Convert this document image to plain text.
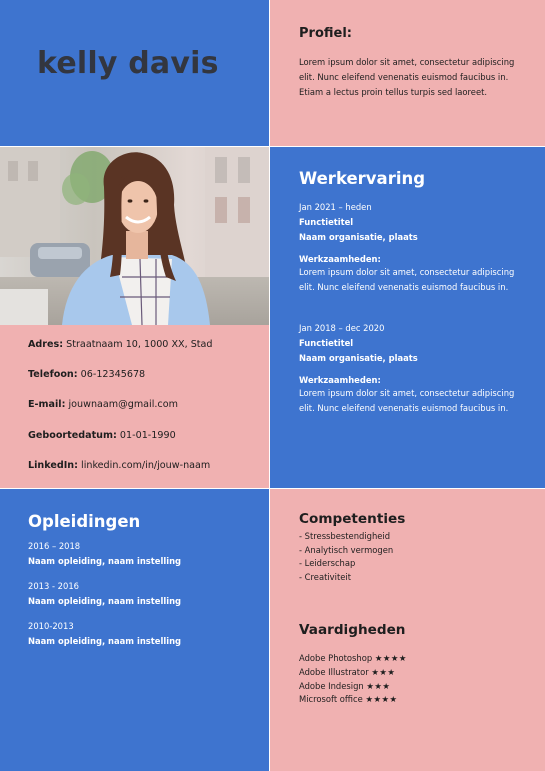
kelly davis
Profiel:

Lorem ipsum dolor sit amet, consectetur adipiscing elit. Nunc eleifend venenatis euismod faucibus in. Etiam a lectus proin tellus turpis sed laoreet.

Adres: Straatnaam 10, 1000 XX, Stad
Telefoon: 06-12345678
E-mail: jouwnaam@gmail.com
Geboortedatum: 01-01-1990
LinkedIn: linkedin.com/in/jouw-naam
Werkervaring
Jan 2021 – heden
Functietitel
Naam organisatie, plaats
Werkzaamheden:
Lorem ipsum dolor sit amet, consectetur adipiscing elit. Nunc eleifend venenatis euismod faucibus in.
Jan 2018 – dec 2020
Functietitel
Naam organisatie, plaats
Werkzaamheden:
Lorem ipsum dolor sit amet, consectetur adipiscing elit. Nunc eleifend venenatis euismod faucibus in.
Opleidingen
2016 – 2018
Naam opleiding, naam instelling
2013 - 2016
Naam opleiding, naam instelling
2010-2013
Naam opleiding, naam instelling
Competenties
- Stressbestendigheid
- Analytisch vermogen
- Leiderschap
- Creativiteit
Vaardigheden
Adobe Photoshop ★★★★
Adobe Illustrator ★★★
Adobe Indesign ★★★
Microsoft office ★★★★
